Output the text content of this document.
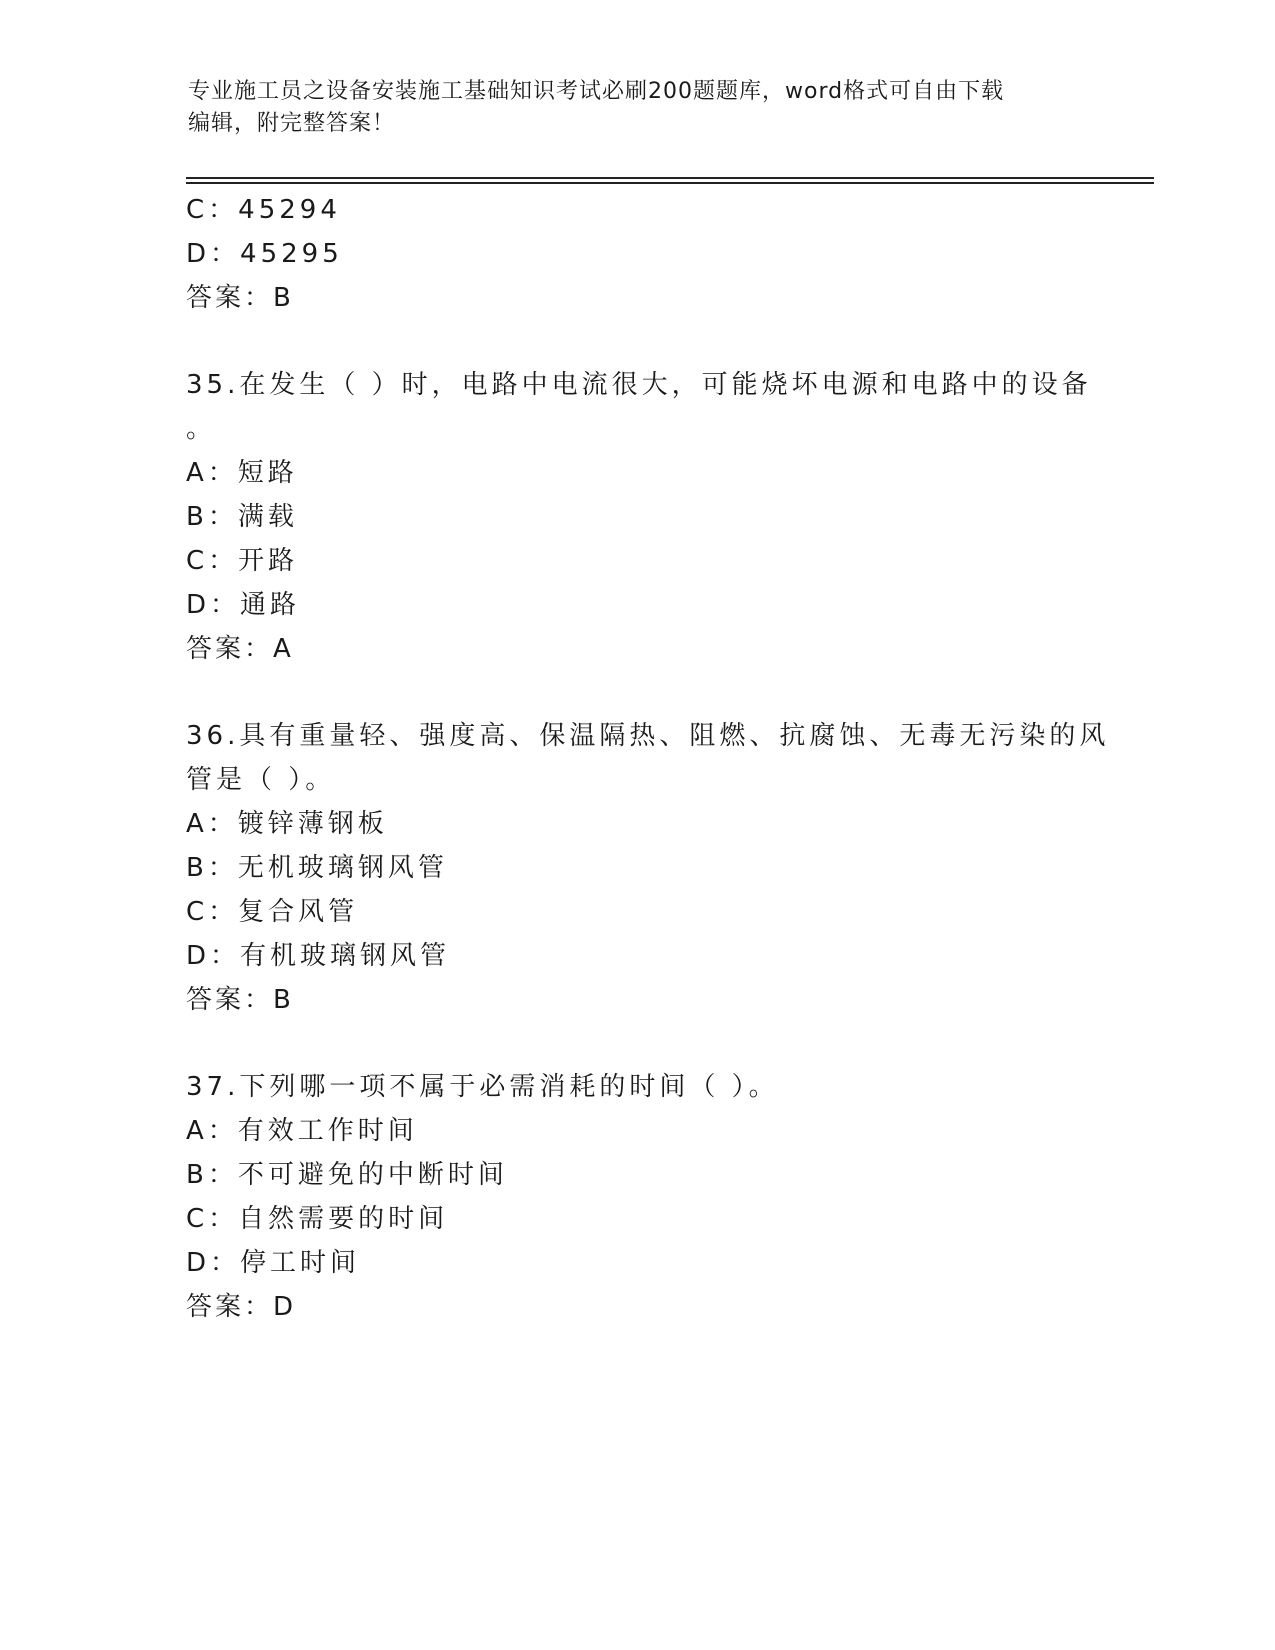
专业施工员之设备安装施工基础知识考试必刷200题题库，word格式可自由下载
编辑，附完整答案！
C：45294
D：45295
答案：B
35.在发生（ ）时，电路中电流很大，可能烧坏电源和电路中的设备
。
A：短路
B：满载
C：开路
D：通路
答案：A
36.具有重量轻、强度高、保温隔热、阻燃、抗腐蚀、无毒无污染的风
管是（ ）。
A：镀锌薄钢板
B：无机玻璃钢风管
C：复合风管
D：有机玻璃钢风管
答案：B
37.下列哪一项不属于必需消耗的时间（ ）。
A：有效工作时间
B：不可避免的中断时间
C：自然需要的时间
D：停工时间
答案：D
